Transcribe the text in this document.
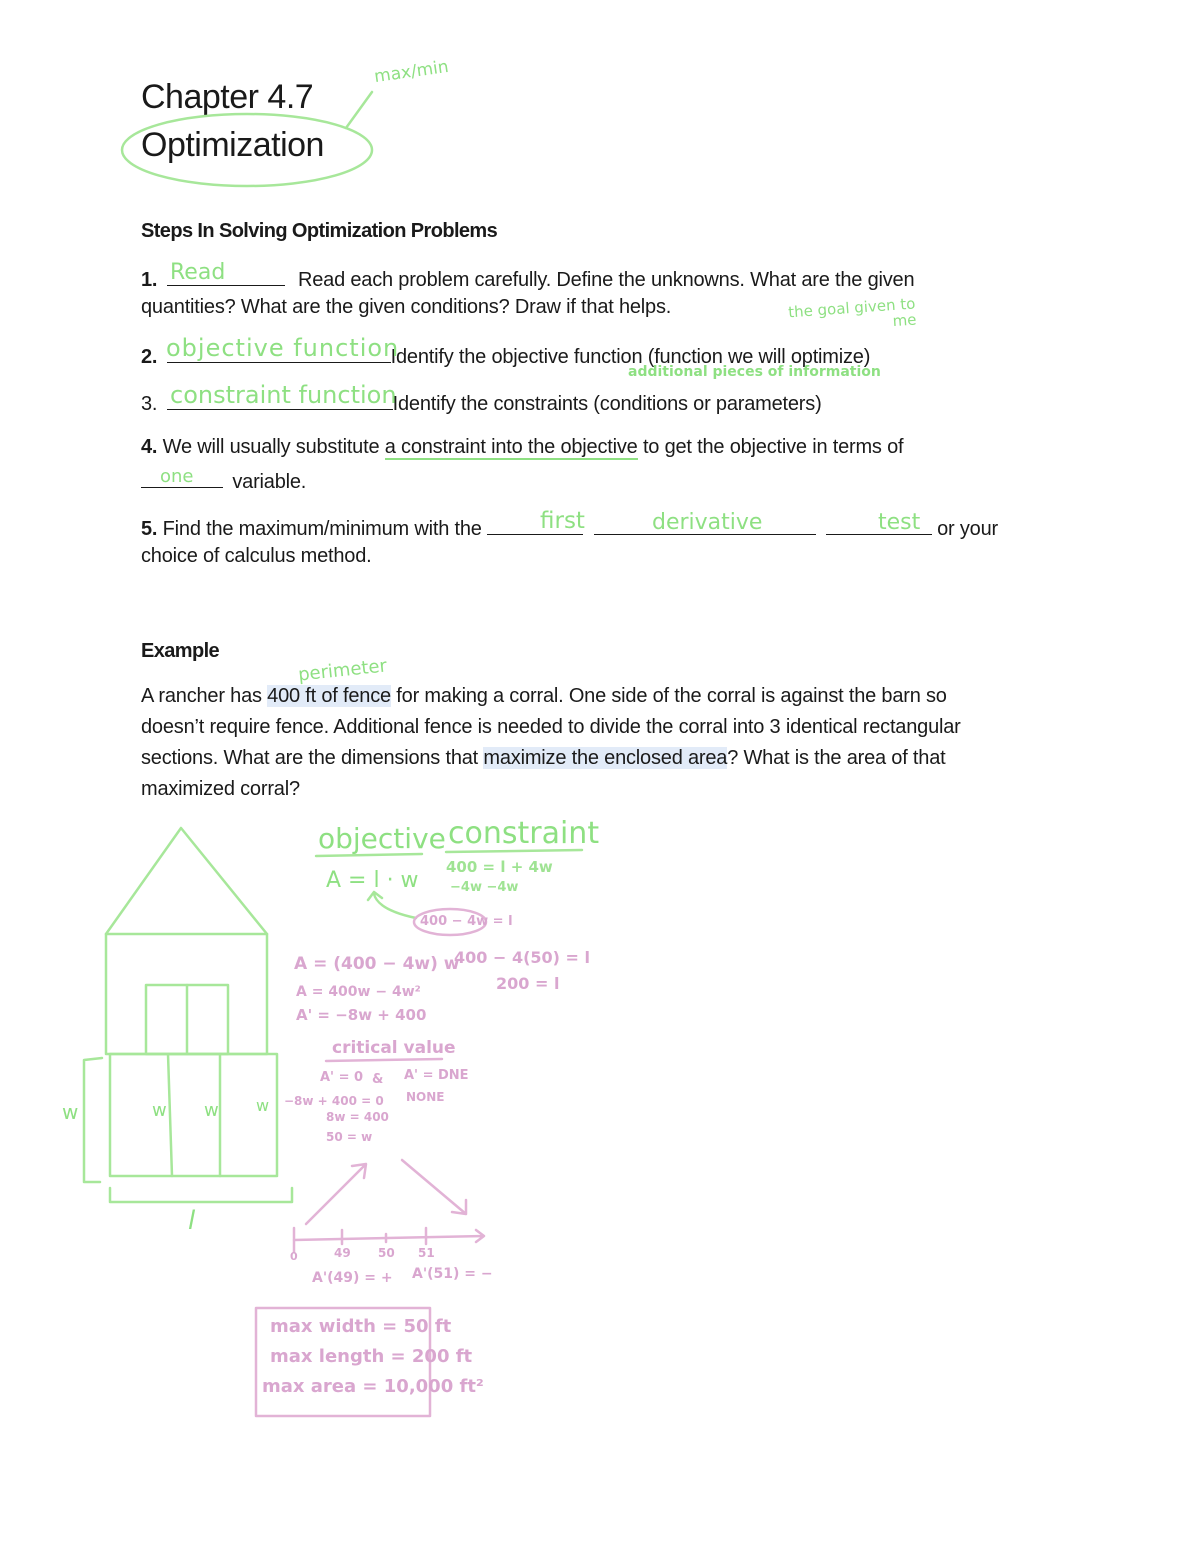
Chapter 4.7
Optimization
max/min
Steps In Solving Optimization Problems
1.	Read each problem carefully. Define the unknowns. What are the given
Read
quantities? What are the given conditions? Draw if that helps.
2.	Identify the objective function (function we will optimize)
objective function
the goal given to me
3.	Identify the constraints (conditions or parameters)
constraint function
additional pieces of information
4. We will usually substitute a constraint into the objective to get the objective in terms of
variable.
one
5. Find the maximum/minimum with the	or your
first	derivative	test
choice of calculus method.
Example
perimeter
A rancher has 400 ft of fence for making a corral. One side of the corral is against the barn so
doesn’t require fence. Additional fence is needed to divide the corral into 3 identical rectangular
sections. What are the dimensions that maximize the enclosed area? What is the area of that
maximized corral?
objective
A = l · w
constraint
400 = l + 4w
−4w −4w
w	w w w
l
400 − 4w = l
A = (400 − 4w) w
A = 400w − 4w²
A' = −8w + 400
400 − 4(50) = l
200 = l
critical value
A' = 0 & A' = DNE
NONE
−8w + 400 = 0
8w = 400
50 = w
0	49 50 51
A'(49) = + A'(51) = −
max width = 50 ft
max length = 200 ft
max area = 10,000 ft²
